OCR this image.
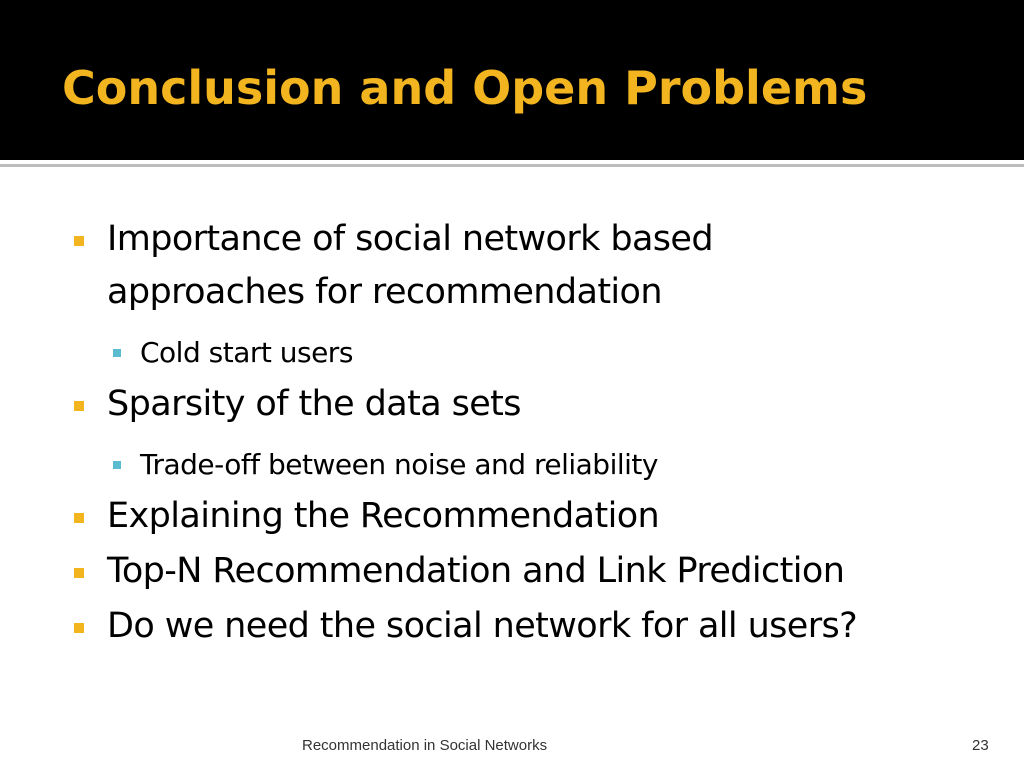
Conclusion and Open Problems
Importance of social network based
approaches for recommendation
Cold start users
Sparsity of the data sets
Trade-off between noise and reliability
Explaining the Recommendation
Top-N Recommendation and Link Prediction
Do we need the social network for all users?
Recommendation in Social Networks	23
